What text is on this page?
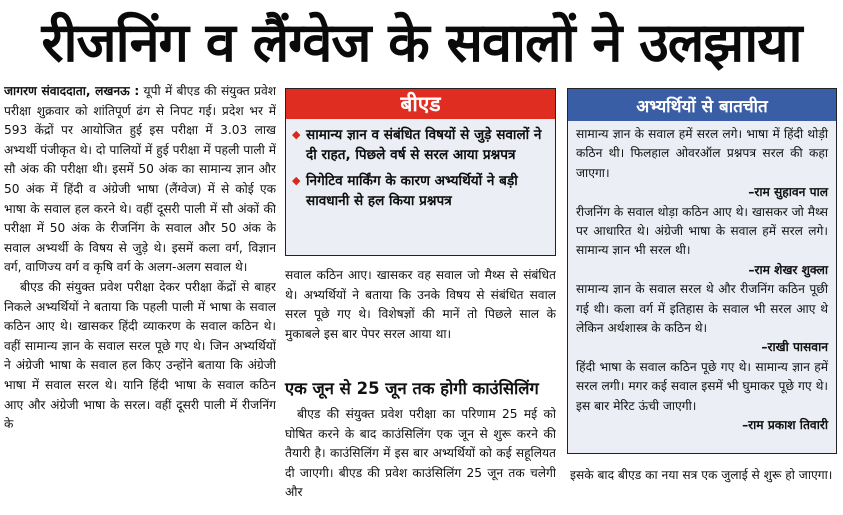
रीजनिंग व लैंग्वेज के सवालों ने उलझाया

जागरण संवाददाता, लखनऊ : यूपी में बीएड की संयुक्त प्रवेश परीक्षा शुक्रवार को शांतिपूर्ण ढंग से निपट गई। प्रदेश भर में 593 केंद्रों पर आयोजित हुई इस परीक्षा में 3.03 लाख अभ्यर्थी पंजीकृत थे। दो पालियों में हुई परीक्षा में पहली पाली में सौ अंक की परीक्षा थी। इसमें 50 अंक का सामान्य ज्ञान और 50 अंक में हिंदी व अंग्रेजी भाषा (लैंग्वेज) में से कोई एक भाषा के सवाल हल करने थे। वहीं दूसरी पाली में सौ अंकों की परीक्षा में 50 अंक के रीजनिंग के सवाल और 50 अंक के सवाल अभ्यर्थी के विषय से जुड़े थे। इसमें कला वर्ग, विज्ञान वर्ग, वाणिज्य वर्ग व कृषि वर्ग के अलग-अलग सवाल थे।

बीएड की संयुक्त प्रवेश परीक्षा देकर परीक्षा केंद्रों से बाहर निकले अभ्यर्थियों ने बताया कि पहली पाली में भाषा के सवाल कठिन आए थे। खासकर हिंदी व्याकरण के सवाल कठिन थे। वहीं सामान्य ज्ञान के सवाल सरल पूछे गए थे। जिन अभ्यर्थियों ने अंग्रेजी भाषा के सवाल हल किए उन्होंने बताया कि अंग्रेजी भाषा में सवाल सरल थे। यानि हिंदी भाषा के सवाल कठिन आए और अंग्रेजी भाषा के सरल। वहीं दूसरी पाली में रीजनिंग के

बीएड
◆ सामान्य ज्ञान व संबंधित विषयों से जुड़े सवालों ने दी राहत, पिछले वर्ष से सरल आया प्रश्नपत्र
◆ निगेटिव मार्किंग के कारण अभ्यर्थियों ने बड़ी सावधानी से हल किया प्रश्नपत्र
सवाल कठिन आए। खासकर वह सवाल जो मैथ्स से संबंधित थे। अभ्यर्थियों ने बताया कि उनके विषय से संबंधित सवाल सरल पूछे गए थे। विशेषज्ञों की मानें तो पिछले साल के मुकाबले इस बार पेपर सरल आया था।
एक जून से 25 जून तक होगी काउंसिलिंग

बीएड की संयुक्त प्रवेश परीक्षा का परिणाम 25 मई को घोषित करने के बाद काउंसिलिंग एक जून से शुरू करने की तैयारी है। काउंसिलिंग में इस बार अभ्यर्थियों को कई सहूलियत दी जाएगी। बीएड की प्रवेश काउंसिलिंग 25 जून तक चलेगी और

अभ्यर्थियों से बातचीत
सामान्य ज्ञान के सवाल हमें सरल लगे। भाषा में हिंदी थोड़ी कठिन थी। फिलहाल ओवरऑल प्रश्नपत्र सरल की कहा जाएगा।
–राम सुहावन पाल
रीजनिंग के सवाल थोड़ा कठिन आए थे। खासकर जो मैथ्स पर आधारित थे। अंग्रेजी भाषा के सवाल हमें सरल लगे। सामान्य ज्ञान भी सरल थी।
–राम शेखर शुक्ला
सामान्य ज्ञान के सवाल सरल थे और रीजनिंग कठिन पूछी गई थी। कला वर्ग में इतिहास के सवाल भी सरल आए थे लेकिन अर्थशास्त्र के कठिन थे।
–राखी पासवान
हिंदी भाषा के सवाल कठिन पूछे गए थे। सामान्य ज्ञान हमें सरल लगी। मगर कई सवाल इसमें भी घुमाकर पूछे गए थे। इस बार मेरिट ऊंची जाएगी।
–राम प्रकाश तिवारी
इसके बाद बीएड का नया सत्र एक जुलाई से शुरू हो जाएगा।
